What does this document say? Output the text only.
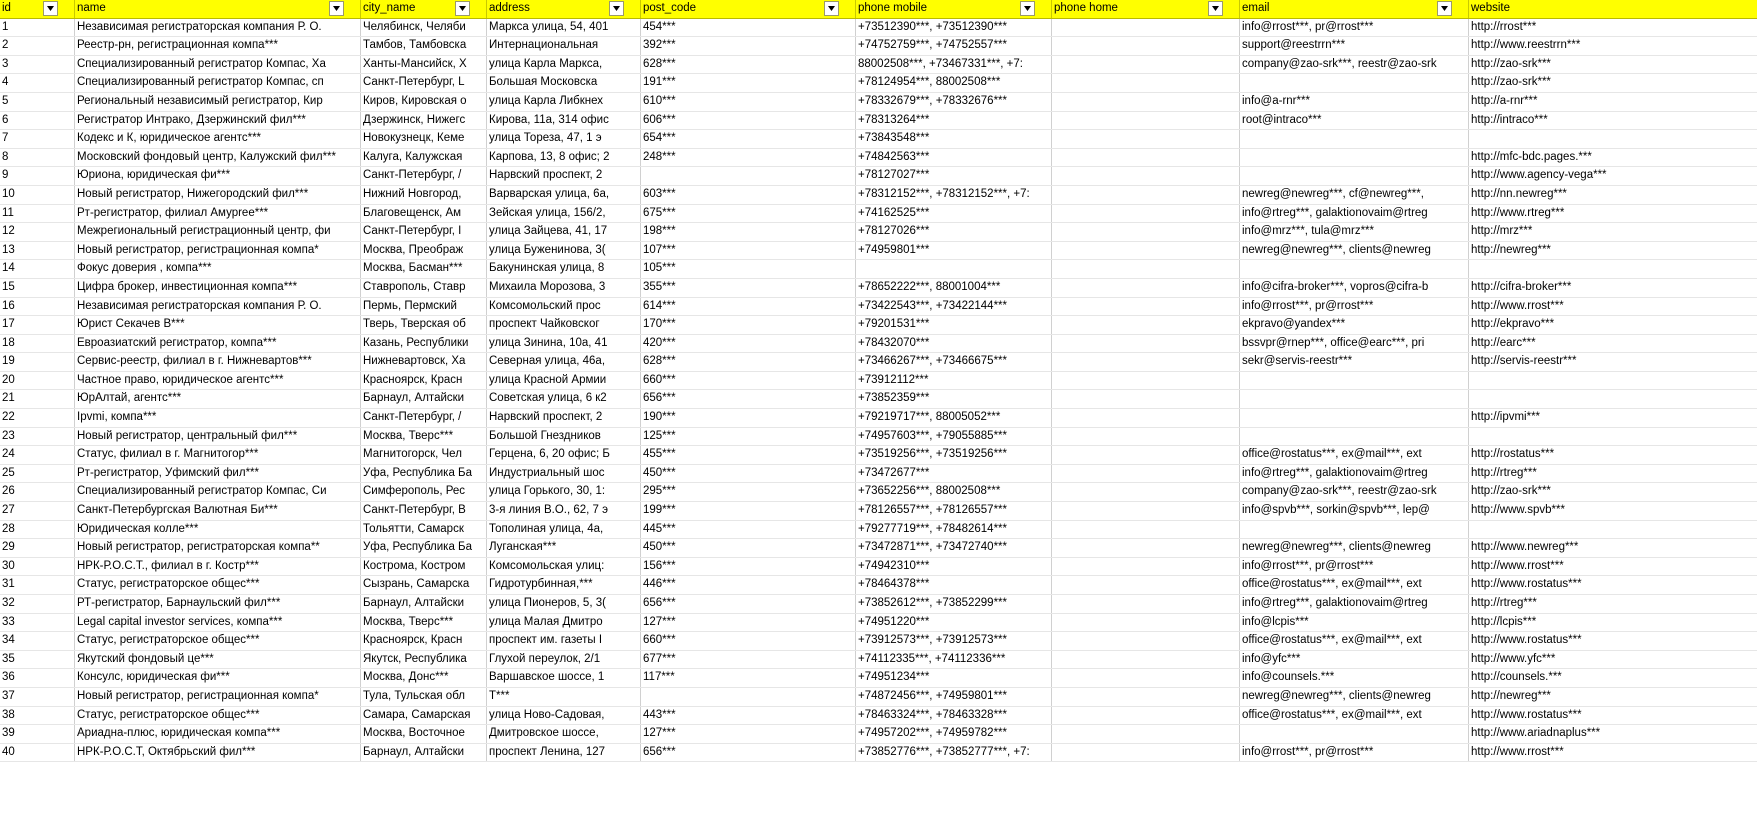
id	name	city_name	address	post_code	phone mobile	phone home	email	website

1	Независимая регистраторская компания Р. О.	Челябинск, Челяби	Маркса улица, 54, 401	454***	+73512390***, +73512390***		info@rrost***, pr@rrost***	http://rrost***
2	Реестр-рн, регистрационная компа***	Тамбов, Тамбовска	Интернациональная	392***	+74752759***, +74752557***		support@reestrrn***	http://www.reestrrn***
3	Специализированный регистратор Компас, Ха	Ханты-Мансийск, Х	улица Карла Маркса,	628***	88002508***, +73467331***, +7:		company@zao-srk***, reestr@zao-srk	http://zao-srk***
4	Специализированный регистратор Компас, сп	Санкт-Петербург, L	Большая Московска	191***	+78124954***, 88002508***			http://zao-srk***
5	Региональный независимый регистратор, Кир	Киров, Кировская о	улица Карла Либкнех	610***	+78332679***, +78332676***		info@a-rnr***	http://a-rnr***
6	Регистратор Интрако, Дзержинский фил***	Дзержинск, Нижегс	Кирова, 11а, 314 офис	606***	+78313264***		root@intraco***	http://intraco***
7	Кодекс и К, юридическое агентс***	Новокузнецк, Кеме	улица Тореза, 47, 1 э	654***	+73843548***			
8	Московский фондовый центр, Калужский фил***	Калуга, Калужская	Карпова, 13, 8 офис; 2	248***	+74842563***			http://mfc-bdc.pages.***
9	Юриона, юридическая фи***	Санкт-Петербург, /	Нарвский проспект, 2		+78127027***			http://www.agency-vega***
10	Новый регистратор, Нижегородский фил***	Нижний Новгород,	Варварская улица, 6а,	603***	+78312152***, +78312152***, +7:		newreg@newreg***, cf@newreg***,	http://nn.newreg***
11	Рт-регистратор, филиал Амурree***	Благовещенск, Ам	Зейская улица, 156/2,	675***	+74162525***		info@rtreg***, galaktionovaim@rtreg	http://www.rtreg***
12	Межрегиональный регистрационный центр, фи	Санкт-Петербург, I	улица Зайцева, 41, 17	198***	+78127026***		info@mrz***, tula@mrz***	http://mrz***
13	Новый регистратор, регистрационная компа*	Москва, Преображ	улица Буженинова, 3(	107***	+74959801***		newreg@newreg***, clients@newreg	http://newreg***
14	Фокус доверия , компа***	Москва, Басман***	Бакунинская улица, 8	105***				
15	Цифра брокер, инвестиционная компа***	Ставрополь, Ставр	Михаила Морозова, 3	355***	+78652222***, 88001004***		info@cifra-broker***, vopros@cifra-b	http://cifra-broker***
16	Независимая регистраторская компания Р. О.	Пермь, Пермский	Комсомольский прос	614***	+73422543***, +73422144***		info@rrost***, pr@rrost***	http://www.rrost***
17	Юрист Секачев В***	Тверь, Тверская об	проспект Чайковског	170***	+79201531***		ekpravo@yandex***	http://ekpravo***
18	Евроазиатский регистратор, компа***	Казань, Республики	улица Зинина, 10а, 41	420***	+78432070***		bssvpr@rnep***, office@earc***, pri	http://earc***
19	Сервис-реестр, филиал в г. Нижневартов***	Нижневартовск, Ха	Северная улица, 46а,	628***	+73466267***, +73466675***		sekr@servis-reestr***	http://servis-reestr***
20	Частное право, юридическое агентс***	Красноярск, Красн	улица Красной Армии	660***	+73912112***			
21	ЮрАлтай, агентс***	Барнаул, Алтайски	Советская улица, 6 к2	656***	+73852359***			
22	Ipvmi, компа***	Санкт-Петербург, /	Нарвский проспект, 2	190***	+79219717***, 88005052***			http://ipvmi***
23	Новый регистратор, центральный фил***	Москва, Тверс***	Большой Гнездников	125***	+74957603***, +79055885***			
24	Статус, филиал в г. Магнитогор***	Магнитогорск, Чел	Герцена, 6, 20 офис; Б	455***	+73519256***, +73519256***		office@rostatus***, ex@mail***, ext	http://rostatus***
25	Рт-регистратор, Уфимский фил***	Уфа, Республика Ба	Индустриальный шос	450***	+73472677***		info@rtreg***, galaktionovaim@rtreg	http://rtreg***
26	Специализированный регистратор Компас, Си	Симферополь, Рес	улица Горького, 30, 1:	295***	+73652256***, 88002508***		company@zao-srk***, reestr@zao-srk	http://zao-srk***
27	Санкт-Петербургская Валютная Би***	Санкт-Петербург, В	3-я линия В.О., 62, 7 э	199***	+78126557***, +78126557***		info@spvb***, sorkin@spvb***, lep@	http://www.spvb***
28	Юридическая колле***	Тольятти, Самарск	Тополиная улица, 4а,	445***	+79277719***, +78482614***			
29	Новый регистратор, регистраторская компа**	Уфа, Республика Ба	Луганская***	450***	+73472871***, +73472740***		newreg@newreg***, clients@newreg	http://www.newreg***
30	НРК-Р.О.С.Т., филиал в г. Костр***	Кострома, Костром	Комсомольская улиц:	156***	+74942310***		info@rrost***, pr@rrost***	http://www.rrost***
31	Статус, регистраторское общес***	Сызрань, Самарска	Гидротурбинная,***	446***	+78464378***		office@rostatus***, ex@mail***, ext	http://www.rostatus***
32	РТ-регистратор, Барнаульский фил***	Барнаул, Алтайски	улица Пионеров, 5, 3(	656***	+73852612***, +73852299***		info@rtreg***, galaktionovaim@rtreg	http://rtreg***
33	Legal capital investor services, компа***	Москва, Тверс***	улица Малая Дмитро	127***	+74951220***		info@lcpis***	http://lcpis***
34	Статус, регистраторское общес***	Красноярск, Красн	проспект им. газеты I	660***	+73912573***, +73912573***		office@rostatus***, ex@mail***, ext	http://www.rostatus***
35	Якутский фондовый це***	Якутск, Республика	Глухой переулок, 2/1	677***	+74112335***, +74112336***		info@yfc***	http://www.yfc***
36	Консулс, юридическая фи***	Москва, Донс***	Варшавское шоссе, 1	117***	+74951234***		info@counsels.***	http://counsels.***
37	Новый регистратор, регистрационная компа*	Тула, Тульская обл	Т***		+74872456***, +74959801***		newreg@newreg***, clients@newreg	http://newreg***
38	Статус, регистраторское общес***	Самара, Самарская	улица Ново-Садовая,	443***	+78463324***, +78463328***		office@rostatus***, ex@mail***, ext	http://www.rostatus***
39	Ариадна-плюс, юридическая компа***	Москва, Восточное	Дмитровское шоссе,	127***	+74957202***, +74959782***			http://www.ariadnaplus***
40	НРК-Р.О.С.Т, Октябрьский фил***	Барнаул, Алтайски	проспект Ленина, 127	656***	+73852776***, +73852777***, +7:		info@rrost***, pr@rrost***	http://www.rrost***
